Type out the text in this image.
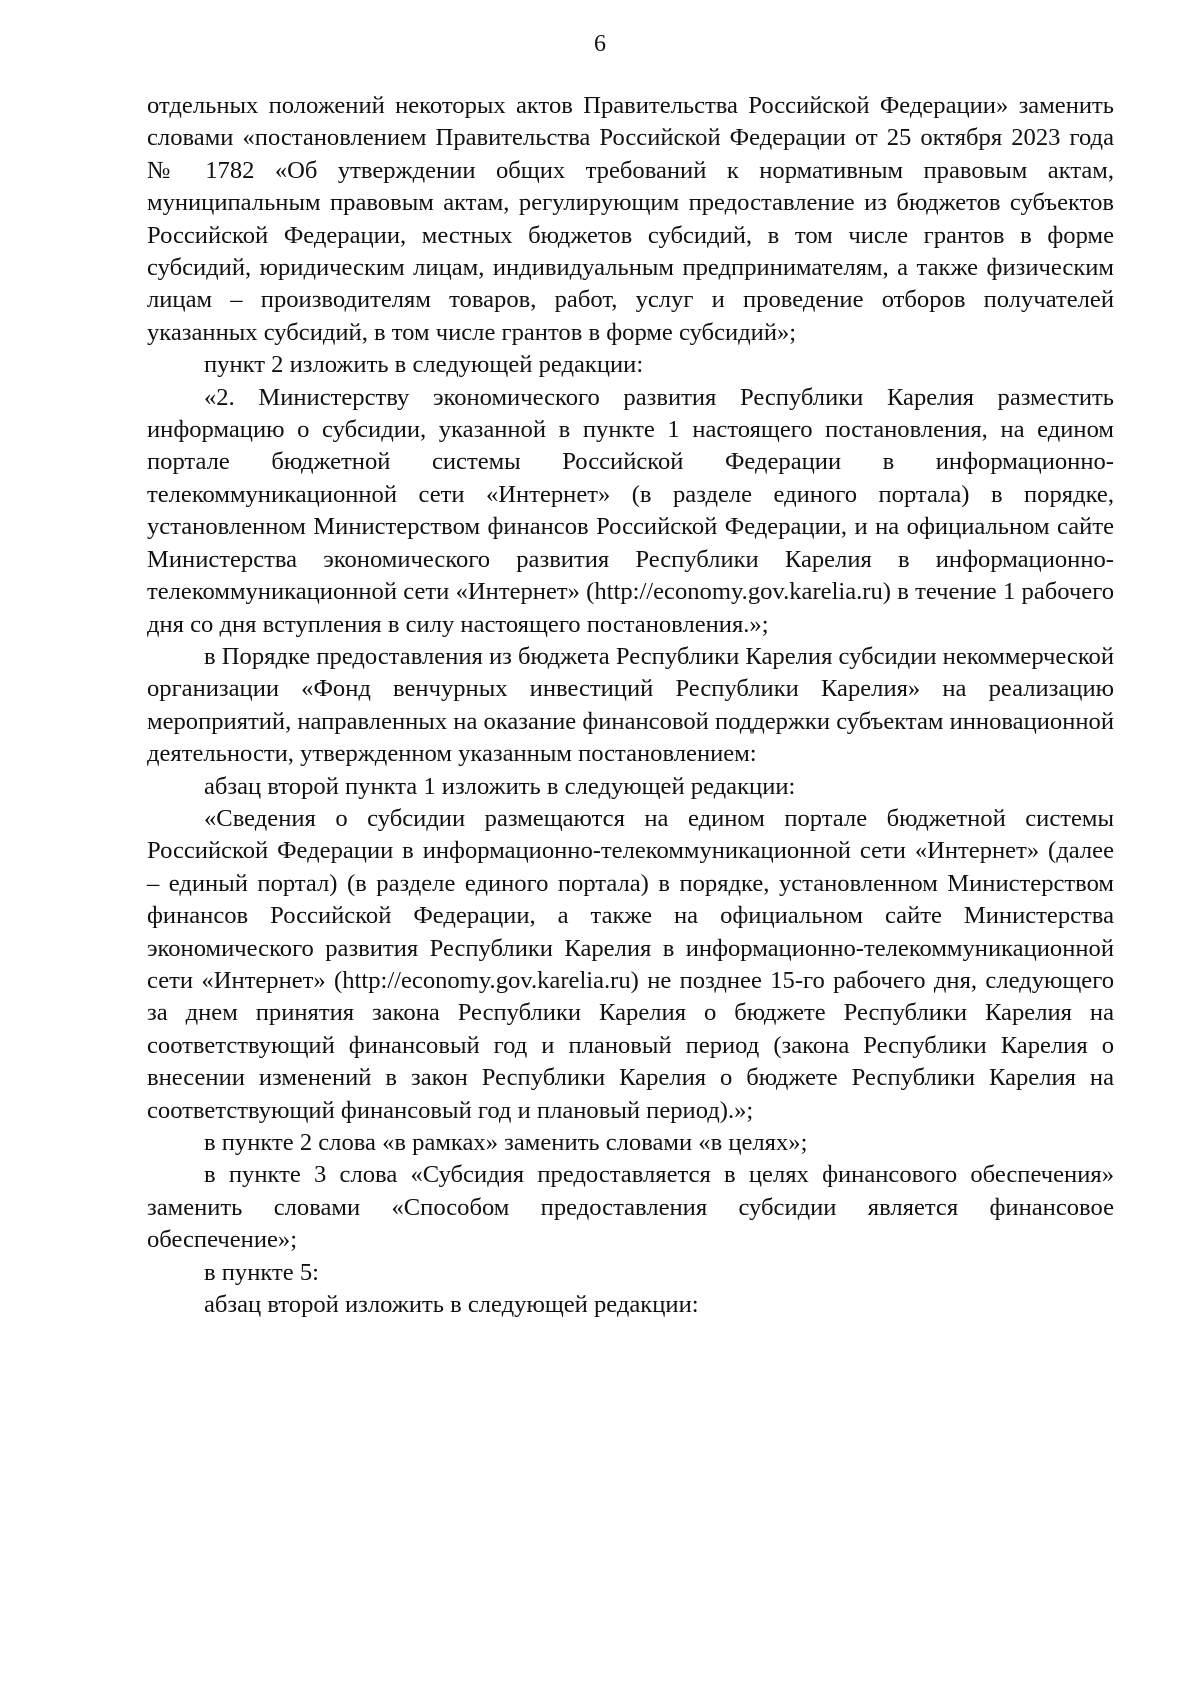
6

отдельных положений некоторых актов Правительства Российской Федерации» заменить словами «постановлением Правительства Российской Федерации от 25 октября 2023 года № 1782 «Об утверждении общих требований к нормативным правовым актам, муниципальным правовым актам, регулирующим предоставление из бюджетов субъектов Российской Федерации, местных бюджетов субсидий, в том числе грантов в форме субсидий, юридическим лицам, индивидуальным предпринимателям, а также физическим лицам – производителям товаров, работ, услуг и проведение отборов получателей указанных субсидий, в том числе грантов в форме субсидий»;

пункт 2 изложить в следующей редакции:

«2. Министерству экономического развития Республики Карелия разместить информацию о субсидии, указанной в пункте 1 настоящего постановления, на едином портале бюджетной системы Российской Федерации в информационно-телекоммуникационной сети «Интернет» (в разделе единого портала) в порядке, установленном Министерством финансов Российской Федерации, и на официальном сайте Министерства экономического развития Республики Карелия в информационно-телекоммуникационной сети «Интернет» (http://economy.gov.karelia.ru) в течение 1 рабочего дня со дня вступления в силу настоящего постановления.»;

в Порядке предоставления из бюджета Республики Карелия субсидии некоммерческой организации «Фонд венчурных инвестиций Республики Карелия» на реализацию мероприятий, направленных на оказание финансовой поддержки субъектам инновационной деятельности, утвержденном указанным постановлением:

абзац второй пункта 1 изложить в следующей редакции:

«Сведения о субсидии размещаются на едином портале бюджетной системы Российской Федерации в информационно-телекоммуникационной сети «Интернет» (далее – единый портал) (в разделе единого портала) в порядке, установленном Министерством финансов Российской Федерации, а также на официальном сайте Министерства экономического развития Республики Карелия в информационно-телекоммуникационной сети «Интернет» (http://economy.gov.karelia.ru) не позднее 15-го рабочего дня, следующего за днем принятия закона Республики Карелия о бюджете Республики Карелия на соответствующий финансовый год и плановый период (закона Республики Карелия о внесении изменений в закон Республики Карелия о бюджете Республики Карелия на соответствующий финансовый год и плановый период).»;

в пункте 2 слова «в рамках» заменить словами «в целях»;

в пункте 3 слова «Субсидия предоставляется в целях финансового обеспечения» заменить словами «Способом предоставления субсидии является финансовое обеспечение»;

в пункте 5:

абзац второй изложить в следующей редакции:
